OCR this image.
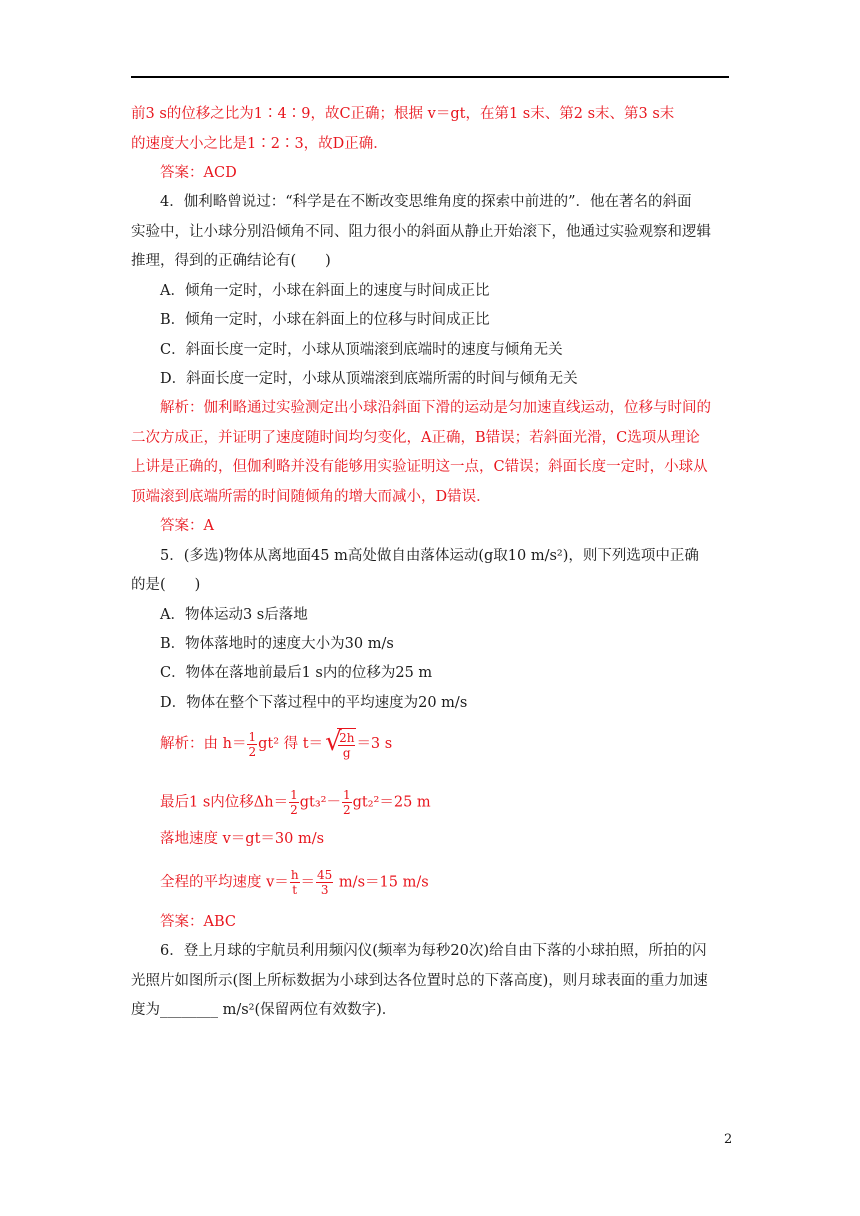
前3 s的位移之比为1∶4∶9，故C正确；根据 v＝gt，在第1 s末、第2 s末、第3 s末
的速度大小之比是1∶2∶3，故D正确．
答案：ACD
4．伽利略曾说过：“科学是在不断改变思维角度的探索中前进的”．他在著名的斜面
实验中，让小球分别沿倾角不同、阻力很小的斜面从静止开始滚下，他通过实验观察和逻辑
推理，得到的正确结论有(　　)
A．倾角一定时，小球在斜面上的速度与时间成正比
B．倾角一定时，小球在斜面上的位移与时间成正比
C．斜面长度一定时，小球从顶端滚到底端时的速度与倾角无关
D．斜面长度一定时，小球从顶端滚到底端所需的时间与倾角无关
解析：伽利略通过实验测定出小球沿斜面下滑的运动是匀加速直线运动，位移与时间的
二次方成正，并证明了速度随时间均匀变化，A正确，B错误；若斜面光滑，C选项从理论
上讲是正确的，但伽利略并没有能够用实验证明这一点，C错误；斜面长度一定时，小球从
顶端滚到底端所需的时间随倾角的增大而减小，D错误．
答案：A
5．(多选)物体从离地面45 m高处做自由落体运动(g取10 m/s²)，则下列选项中正确
的是(　　)
A．物体运动3 s后落地
B．物体落地时的速度大小为30 m/s
C．物体在落地前最后1 s内的位移为25 m
D．物体在整个下落过程中的平均速度为20 m/s
解析：由 $h= \frac{1}{2} gt^2$ 得 t＝ √
$\frac{2h}{g} =3$ s
最后1 s内位移$\Delta h= \frac{1}{2} gt_3^2- \frac{1}{2} gt_2^2=25$ m
落地速度 v＝gt＝30 m/s
全程的平均速度 $v= \frac{h}{t} = \frac{45}{3} m/s=15$ m/s
答案：ABC
6．登上月球的宇航员利用频闪仪(频率为每秒20次)给自由下落的小球拍照，所拍的闪
光照片如图所示(图上所标数据为小球到达各位置时总的下落高度)，则月球表面的重力加速
度为________ m/s²(保留两位有效数字)．
2
